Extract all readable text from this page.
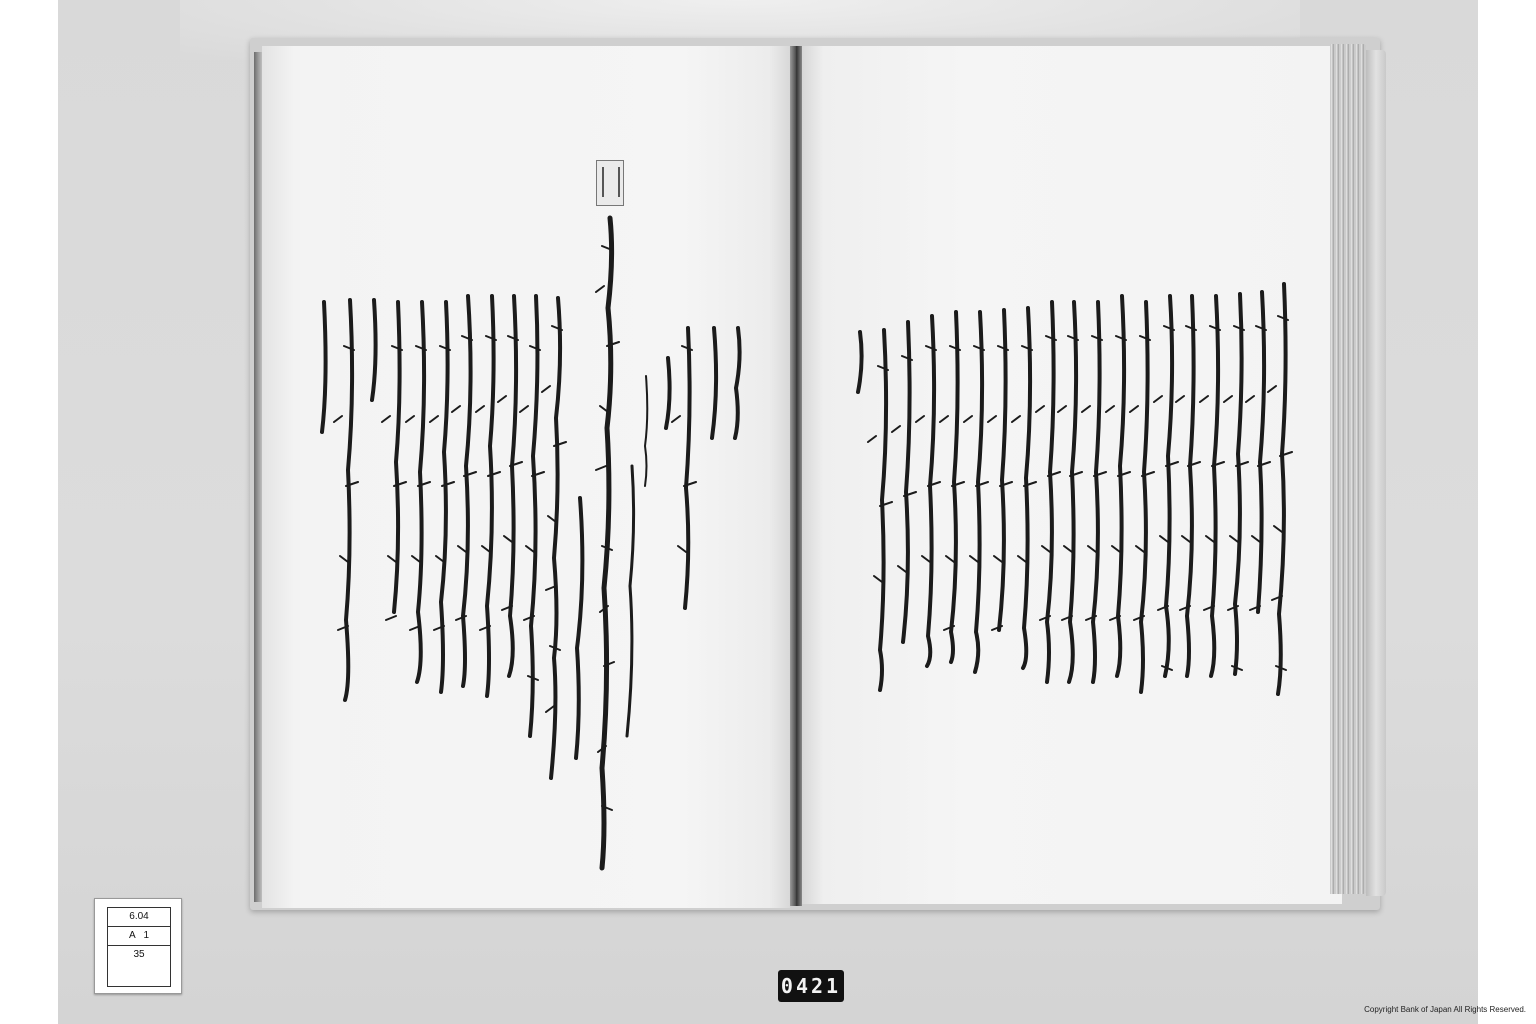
6.04
A   1
35
0421
Copyright Bank of Japan All Rights Reserved.
